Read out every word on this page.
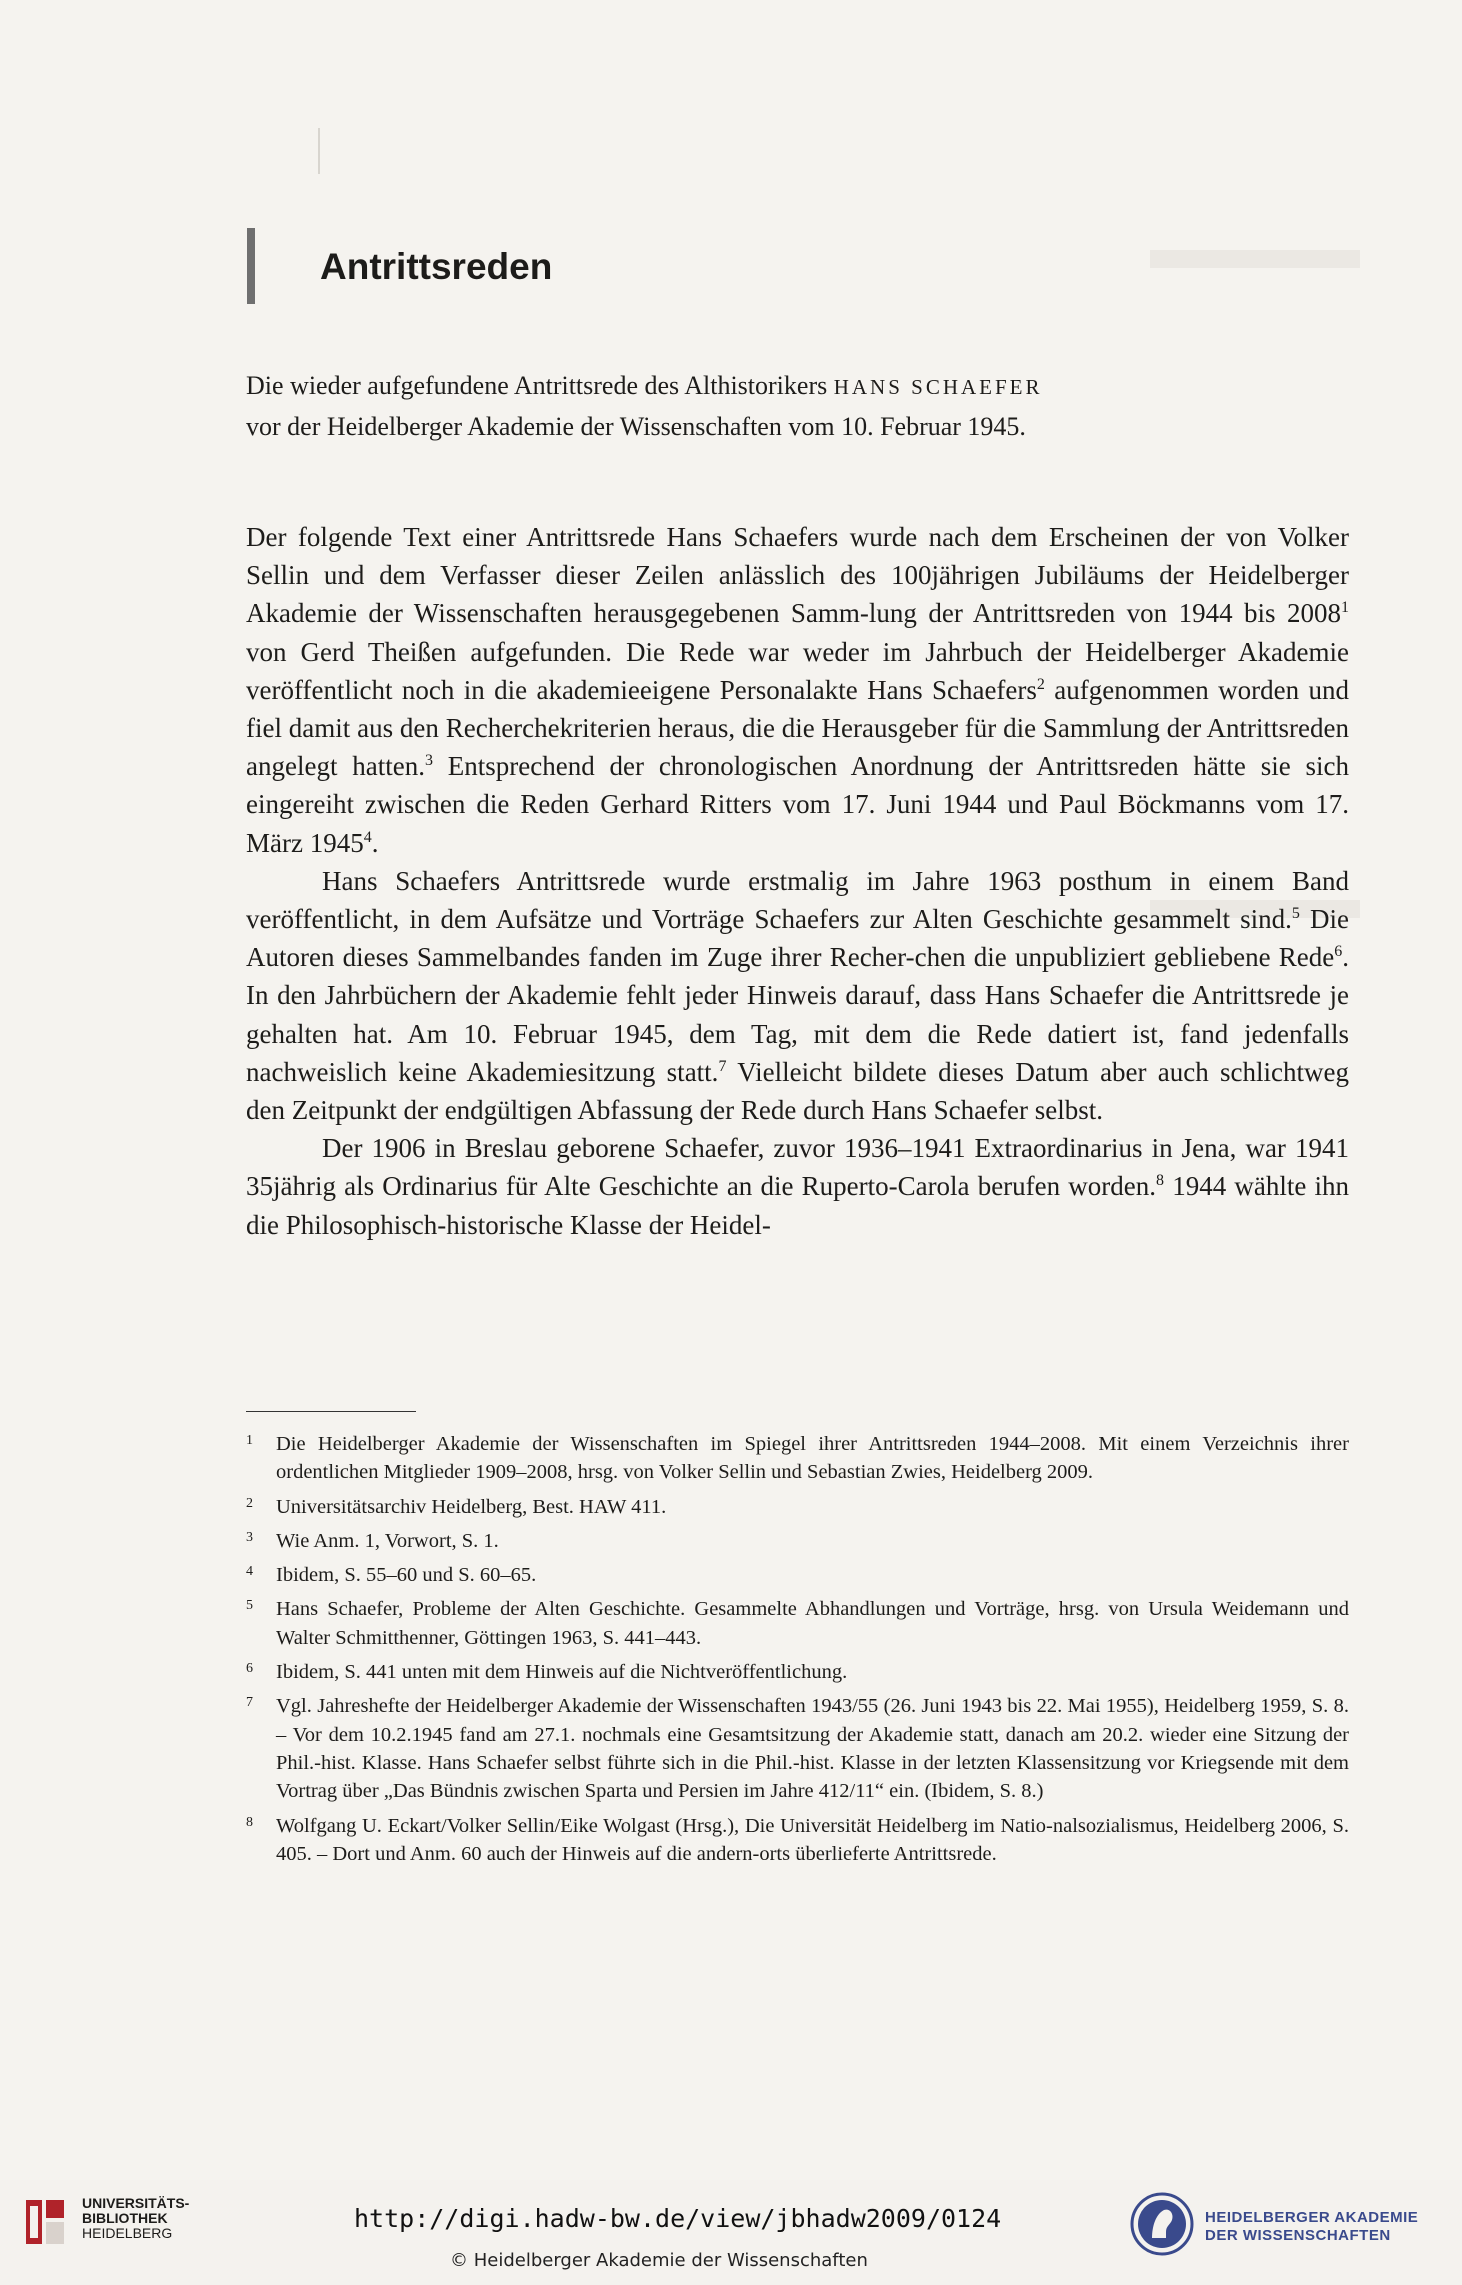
Antrittsreden
Die wieder aufgefundene Antrittsrede des Althistorikers HANS SCHAEFER
vor der Heidelberger Akademie der Wissenschaften vom 10. Februar 1945.

Der folgende Text einer Antrittsrede Hans Schaefers wurde nach dem Erscheinen der von Volker Sellin und dem Verfasser dieser Zeilen anlässlich des 100jährigen Jubiläums der Heidelberger Akademie der Wissenschaften herausgegebenen Samm-lung der Antrittsreden von 1944 bis 2008$^1$ von Gerd Theißen aufgefunden. Die Rede war weder im Jahrbuch der Heidelberger Akademie veröffentlicht noch in die akademieeigene Personalakte Hans Schaefers$^2$ aufgenommen worden und fiel damit aus den Recherchekriterien heraus, die die Herausgeber für die Sammlung der Antrittsreden angelegt hatten.$^3$ Entsprechend der chronologischen Anordnung der Antrittsreden hätte sie sich eingereiht zwischen die Reden Gerhard Ritters vom 17. Juni 1944 und Paul Böckmanns vom 17. März 1945$^4$.

Hans Schaefers Antrittsrede wurde erstmalig im Jahre 1963 posthum in einem Band veröffentlicht, in dem Aufsätze und Vorträge Schaefers zur Alten Geschichte gesammelt sind.$^5$ Die Autoren dieses Sammelbandes fanden im Zuge ihrer Recher-chen die unpubliziert gebliebene Rede$^6$. In den Jahrbüchern der Akademie fehlt jeder Hinweis darauf, dass Hans Schaefer die Antrittsrede je gehalten hat. Am 10. Februar 1945, dem Tag, mit dem die Rede datiert ist, fand jedenfalls nachweislich keine Akademiesitzung statt.$^7$ Vielleicht bildete dieses Datum aber auch schlichtweg den Zeitpunkt der endgültigen Abfassung der Rede durch Hans Schaefer selbst.

Der 1906 in Breslau geborene Schaefer, zuvor 1936–1941 Extraordinarius in Jena, war 1941 35jährig als Ordinarius für Alte Geschichte an die Ruperto-Carola berufen worden.$^8$ 1944 wählte ihn die Philosophisch-historische Klasse der Heidel-

1	Die Heidelberger Akademie der Wissenschaften im Spiegel ihrer Antrittsreden 1944–2008. Mit einem Verzeichnis ihrer ordentlichen Mitglieder 1909–2008, hrsg. von Volker Sellin und Sebastian Zwies, Heidelberg 2009.
2	Universitätsarchiv Heidelberg, Best. HAW 411.
3	Wie Anm. 1, Vorwort, S. 1.
4	Ibidem, S. 55–60 und S. 60–65.
5	Hans Schaefer, Probleme der Alten Geschichte. Gesammelte Abhandlungen und Vorträge, hrsg. von Ursula Weidemann und Walter Schmitthenner, Göttingen 1963, S. 441–443.
6	Ibidem, S. 441 unten mit dem Hinweis auf die Nichtveröffentlichung.
7	Vgl. Jahreshefte der Heidelberger Akademie der Wissenschaften 1943/55 (26. Juni 1943 bis 22. Mai 1955), Heidelberg 1959, S. 8. – Vor dem 10.2.1945 fand am 27.1. nochmals eine Gesamtsitzung der Akademie statt, danach am 20.2. wieder eine Sitzung der Phil.-hist. Klasse. Hans Schaefer selbst führte sich in die Phil.-hist. Klasse in der letzten Klassensitzung vor Kriegsende mit dem Vortrag über „Das Bündnis zwischen Sparta und Persien im Jahre 412/11“ ein. (Ibidem, S. 8.)
8	Wolfgang U. Eckart/Volker Sellin/Eike Wolgast (Hrsg.), Die Universität Heidelberg im Natio-nalsozialismus, Heidelberg 2006, S. 405. – Dort und Anm. 60 auch der Hinweis auf die andern-orts überlieferte Antrittsrede.
UNIVERSITÄTS-
BIBLIOTHEK
HEIDELBERG	http://digi.hadw-bw.de/view/jbhadw2009/0124
© Heidelberger Akademie der Wissenschaften
HEIDELBERGER AKADEMIE
DER WISSENSCHAFTEN
